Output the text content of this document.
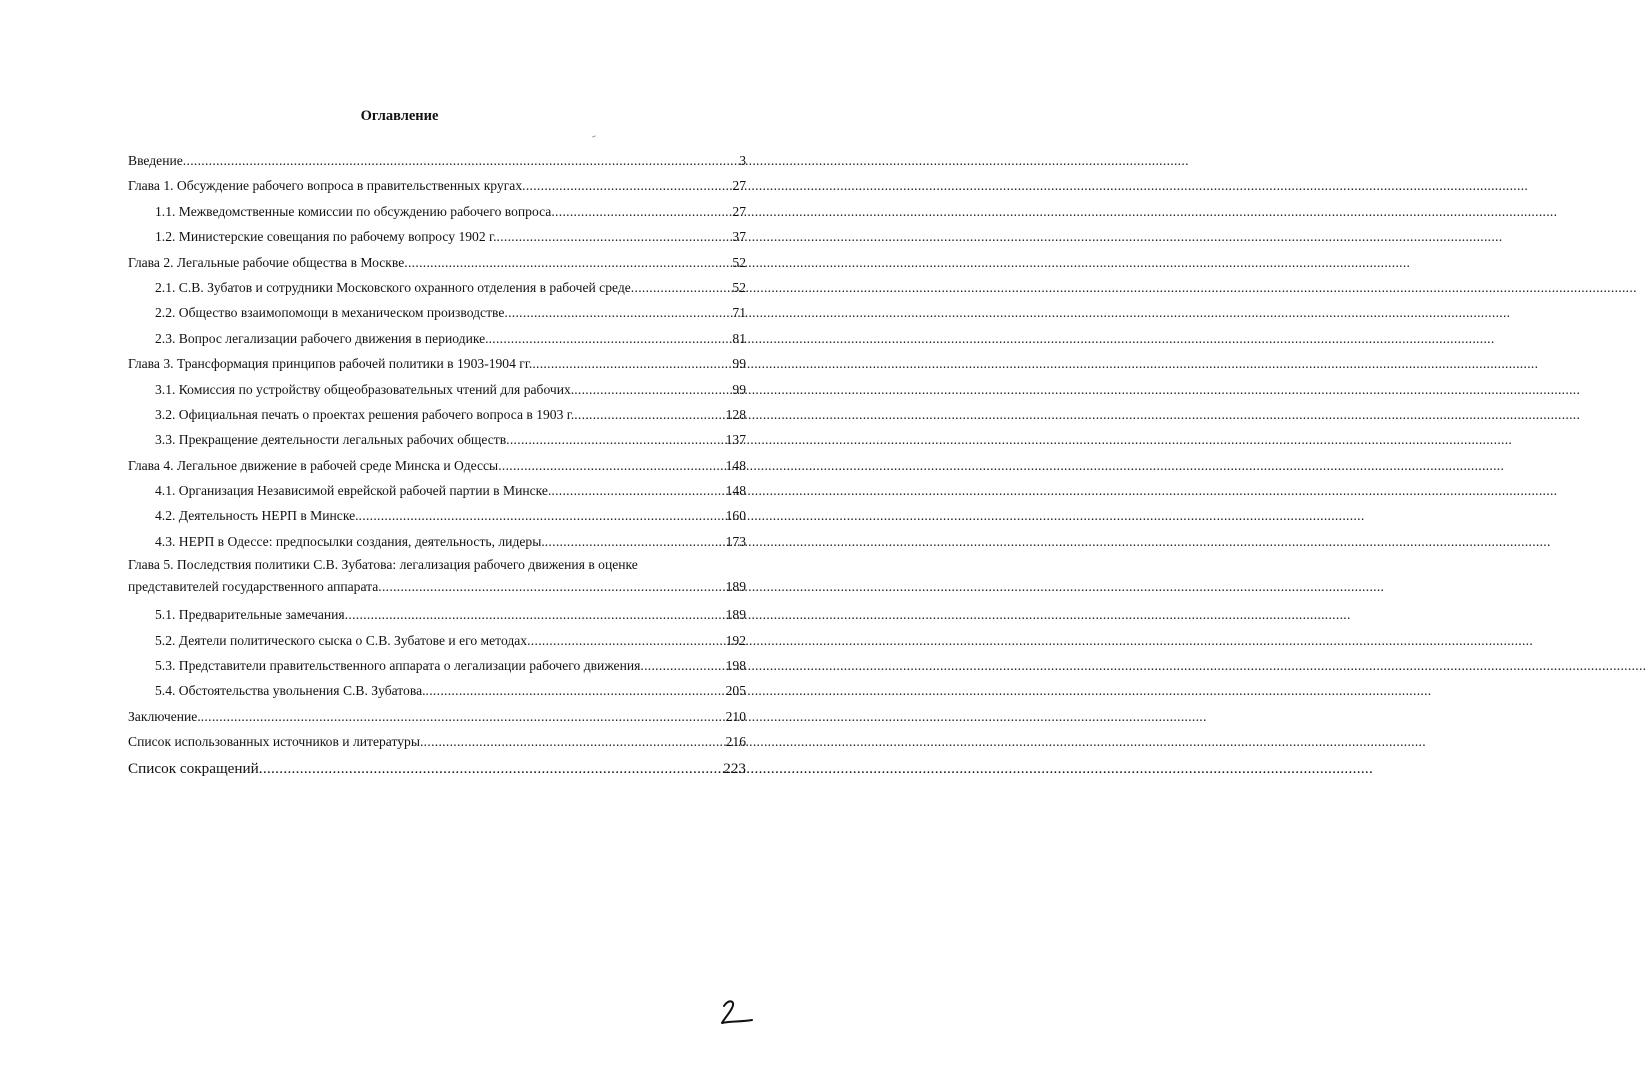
Оглавление
Введение .....	3
Глава 1. Обсуждение рабочего вопроса в правительственных кругах .....	27
1.1. Межведомственные комиссии по обсуждению рабочего вопроса .....	27
1.2. Министерские совещания по рабочему вопросу 1902 г. .....	37
Глава 2. Легальные рабочие общества в Москве .....	52
2.1. С.В. Зубатов и сотрудники Московского охранного отделения в рабочей среде .....	52
2.2. Общество взаимопомощи в механическом производстве .....	71
2.3. Вопрос легализации рабочего движения в периодике. .....	81
Глава 3. Трансформация принципов рабочей политики в 1903-1904 гг. .....	99
3.1. Комиссия по устройству общеобразовательных чтений для рабочих. .....	99
3.2. Официальная печать о проектах решения рабочего вопроса в 1903 г. .....	128
3.3. Прекращение деятельности легальных рабочих обществ .....	137
Глава 4. Легальное движение в рабочей среде Минска и Одессы .....	148
4.1. Организация Независимой еврейской рабочей партии в Минске. .....	148
4.2. Деятельность НЕРП в Минске. .....	160
4.3. НЕРП в Одессе: предпосылки создания, деятельность, лидеры. .....	173
Глава 5. Последствия политики С.В. Зубатова: легализация рабочего движения в оценке
представителей государственного аппарата .....	189
5.1. Предварительные замечания .....	189
5.2. Деятели политического сыска о С.В. Зубатове и его методах .....	192
5.3. Представители правительственного аппарата о легализации рабочего движения .....	198
5.4. Обстоятельства увольнения С.В. Зубатова. .....	205
Заключение. .....	210
Список использованных источников и литературы .....	216
Список сокращений .....	223
